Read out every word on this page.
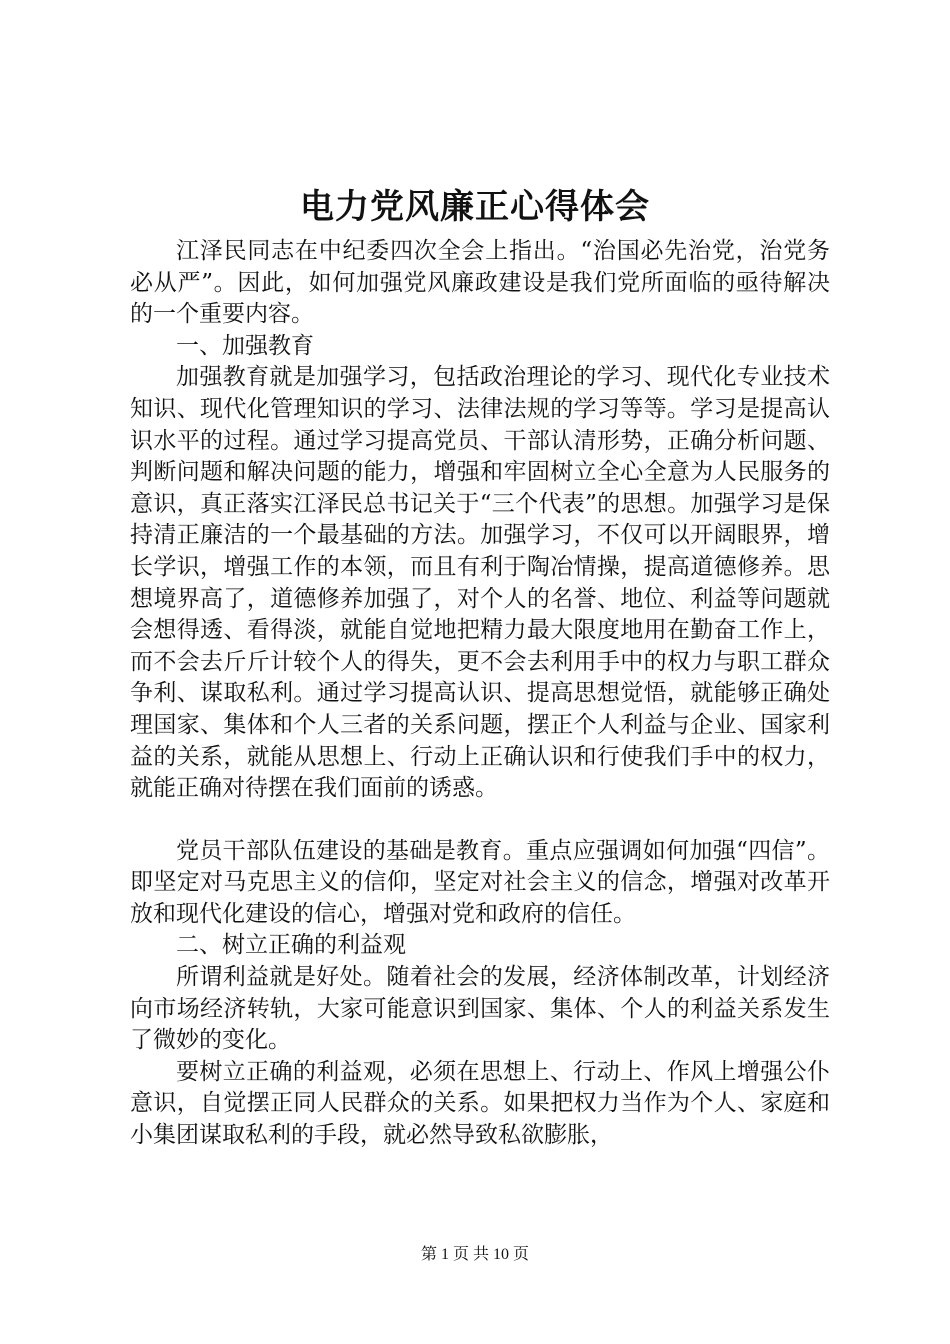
电力党风廉正心得体会

江泽民同志在中纪委四次全会上指出。“治国必先治党，治党务必从严”。因此，如何加强党风廉政建设是我们党所面临的亟待解决的一个重要内容。

一、加强教育

加强教育就是加强学习，包括政治理论的学习、现代化专业技术知识、现代化管理知识的学习、法律法规的学习等等。学习是提高认识水平的过程。通过学习提高党员、干部认清形势，正确分析问题、判断问题和解决问题的能力，增强和牢固树立全心全意为人民服务的意识，真正落实江泽民总书记关于“三个代表”的思想。加强学习是保持清正廉洁的一个最基础的方法。加强学习，不仅可以开阔眼界，增长学识，增强工作的本领，而且有利于陶冶情操，提高道德修养。思想境界高了，道德修养加强了，对个人的名誉、地位、利益等问题就会想得透、看得淡，就能自觉地把精力最大限度地用在勤奋工作上，而不会去斤斤计较个人的得失，更不会去利用手中的权力与职工群众争利、谋取私利。通过学习提高认识、提高思想觉悟，就能够正确处理国家、集体和个人三者的关系问题，摆正个人利益与企业、国家利益的关系，就能从思想上、行动上正确认识和行使我们手中的权力，就能正确对待摆在我们面前的诱惑。

党员干部队伍建设的基础是教育。重点应强调如何加强“四信”。即坚定对马克思主义的信仰，坚定对社会主义的信念，增强对改革开放和现代化建设的信心，增强对党和政府的信任。

二、树立正确的利益观

所谓利益就是好处。随着社会的发展，经济体制改革，计划经济向市场经济转轨，大家可能意识到国家、集体、个人的利益关系发生了微妙的变化。

要树立正确的利益观，必须在思想上、行动上、作风上增强公仆意识，自觉摆正同人民群众的关系。如果把权力当作为个人、家庭和小集团谋取私利的手段，就必然导致私欲膨胀，

第 1 页 共 10 页
